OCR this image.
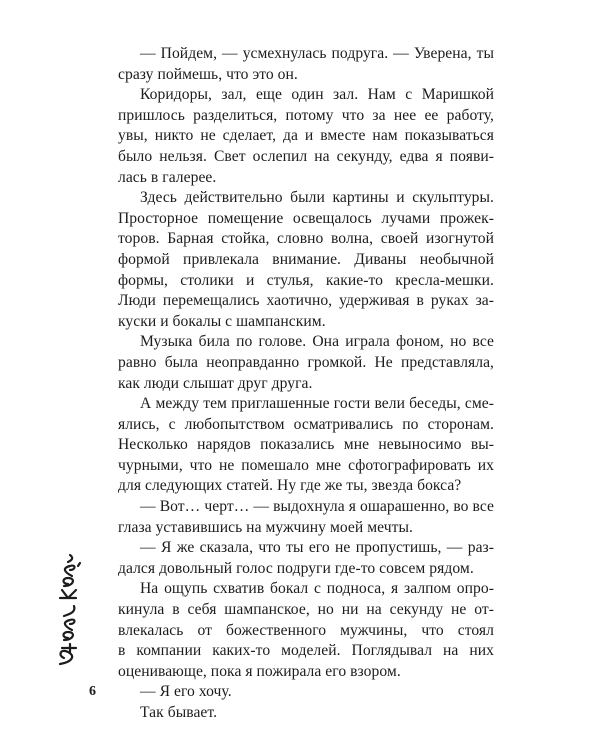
— Пойдем, — усмехнулась подруга. — Уверена, ты
сразу поймешь, что это он.
Коридоры, зал, еще один зал. Нам с Маришкой
пришлось разделиться, потому что за нее ее работу,
увы, никто не сделает, да и вместе нам показываться
было нельзя. Свет ослепил на секунду, едва я появи-
лась в галерее.
Здесь действительно были картины и скульптуры.
Просторное помещение освещалось лучами прожек-
торов. Барная стойка, словно волна, своей изогнутой
формой привлекала внимание. Диваны необычной
формы, столики и стулья, какие-то кресла-мешки.
Люди перемещались хаотично, удерживая в руках за-
куски и бокалы с шампанским.
Музыка била по голове. Она играла фоном, но все
равно была неоправданно громкой. Не представляла,
как люди слышат друг друга.
А между тем приглашенные гости вели беседы, сме-
ялись, с любопытством осматривались по сторонам.
Несколько нарядов показались мне невыносимо вы-
чурными, что не помешало мне сфотографировать их
для следующих статей. Ну где же ты, звезда бокса?
— Вот… черт… — выдохнула я ошарашенно, во все
глаза уставившись на мужчину моей мечты.
— Я же сказала, что ты его не пропустишь, — раз-
дался довольный голос подруги где-то совсем рядом.
На ощупь схватив бокал с подноса, я залпом опро-
кинула в себя шампанское, но ни на секунду не от-
влекалась от божественного мужчины, что стоял
в компании каких-то моделей. Поглядывал на них
оценивающе, пока я пожирала его взором.
— Я его хочу.
Так бывает.
6
